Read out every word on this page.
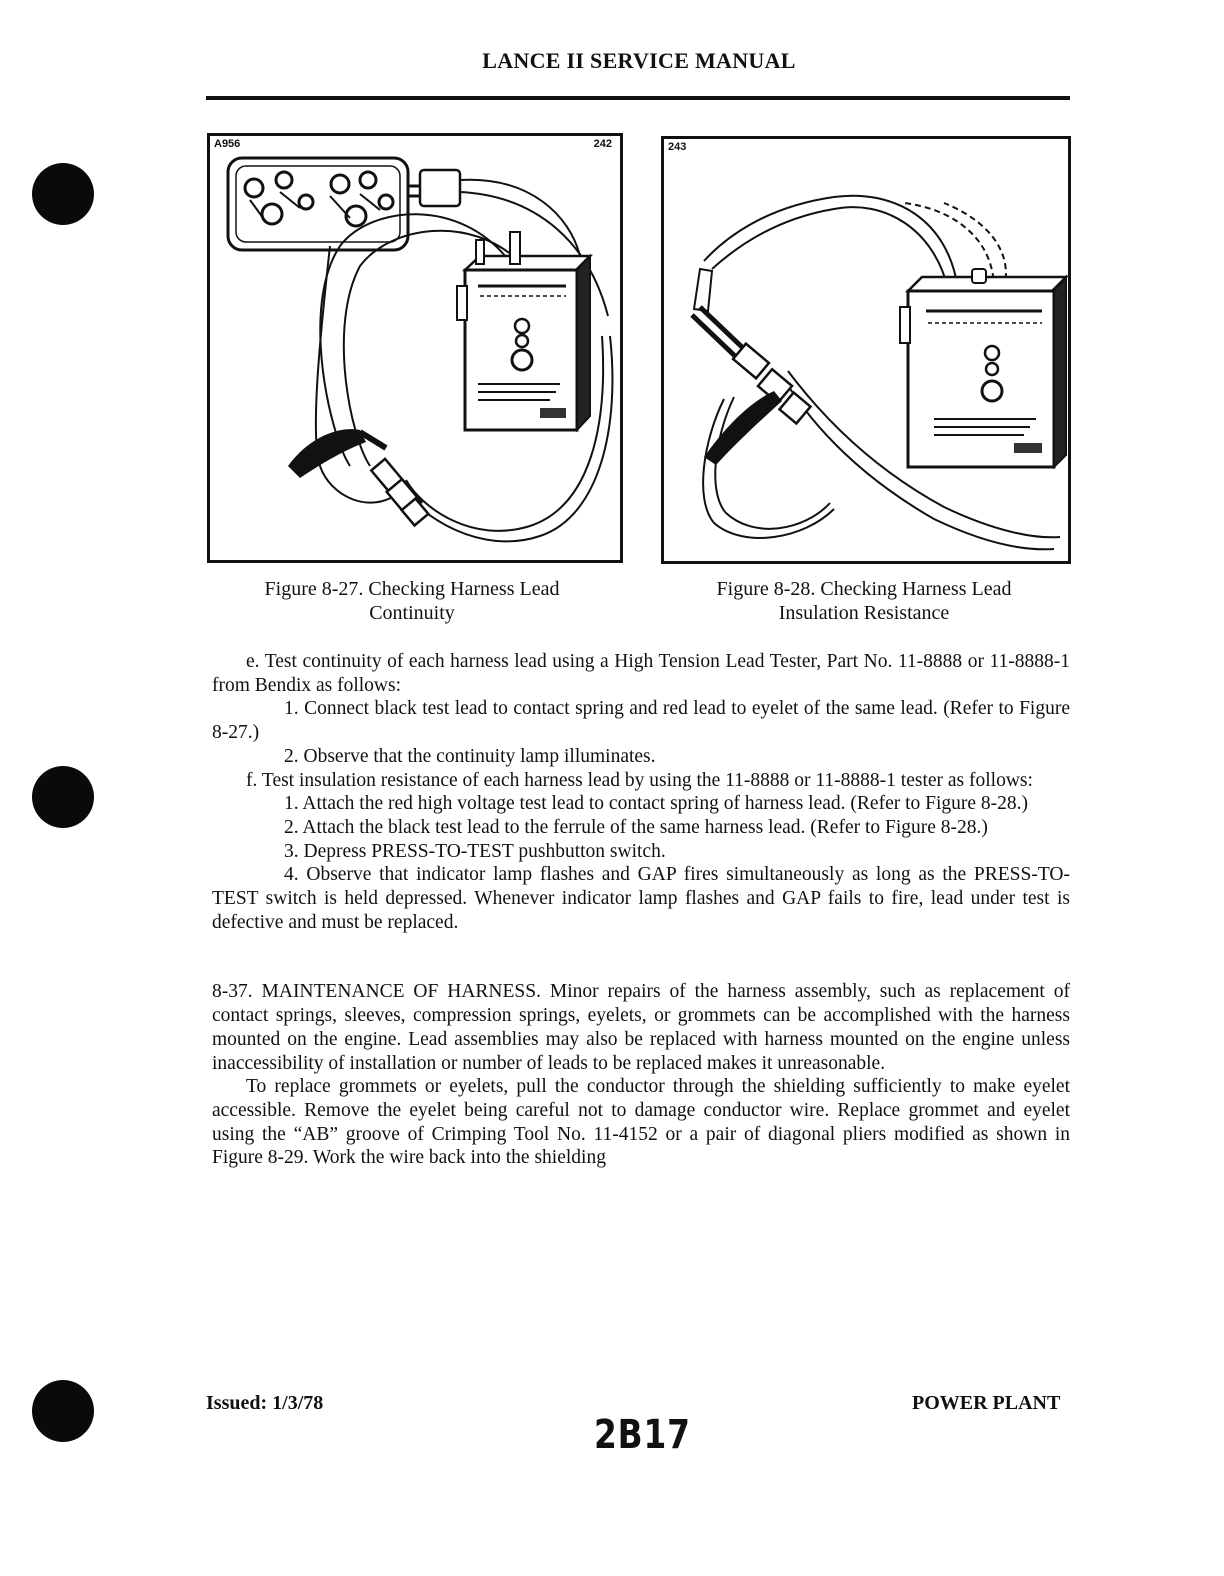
LANCE II SERVICE MANUAL
A956	242	243
Figure 8-27. Checking Harness Lead
Continuity
Figure 8-28. Checking Harness Lead
Insulation Resistance

e. Test continuity of each harness lead using a High Tension Lead Tester, Part No. 11-8888 or 11-8888-1 from Bendix as follows:

1. Connect black test lead to contact spring and red lead to eyelet of the same lead. (Refer to Figure 8-27.)

2. Observe that the continuity lamp illuminates.

f. Test insulation resistance of each harness lead by using the 11-8888 or 11-8888-1 tester as follows:

1. Attach the red high voltage test lead to contact spring of harness lead. (Refer to Figure 8-28.)

2. Attach the black test lead to the ferrule of the same harness lead. (Refer to Figure 8-28.)

3. Depress PRESS-TO-TEST pushbutton switch.

4. Observe that indicator lamp flashes and GAP fires simultaneously as long as the PRESS-TO-TEST switch is held depressed. Whenever indicator lamp flashes and GAP fails to fire, lead under test is defective and must be replaced.

8-37. MAINTENANCE OF HARNESS. Minor repairs of the harness assembly, such as replacement of contact springs, sleeves, compression springs, eyelets, or grommets can be accomplished with the harness mounted on the engine. Lead assemblies may also be replaced with harness mounted on the engine unless inaccessibility of installation or number of leads to be replaced makes it unreasonable.

To replace grommets or eyelets, pull the conductor through the shielding sufficiently to make eyelet accessible. Remove the eyelet being careful not to damage conductor wire. Replace grommet and eyelet using the “AB” groove of Crimping Tool No. 11-4152 or a pair of diagonal pliers modified as shown in Figure 8-29. Work the wire back into the shielding

Issued: 1/3/78
2B17
POWER PLANT
